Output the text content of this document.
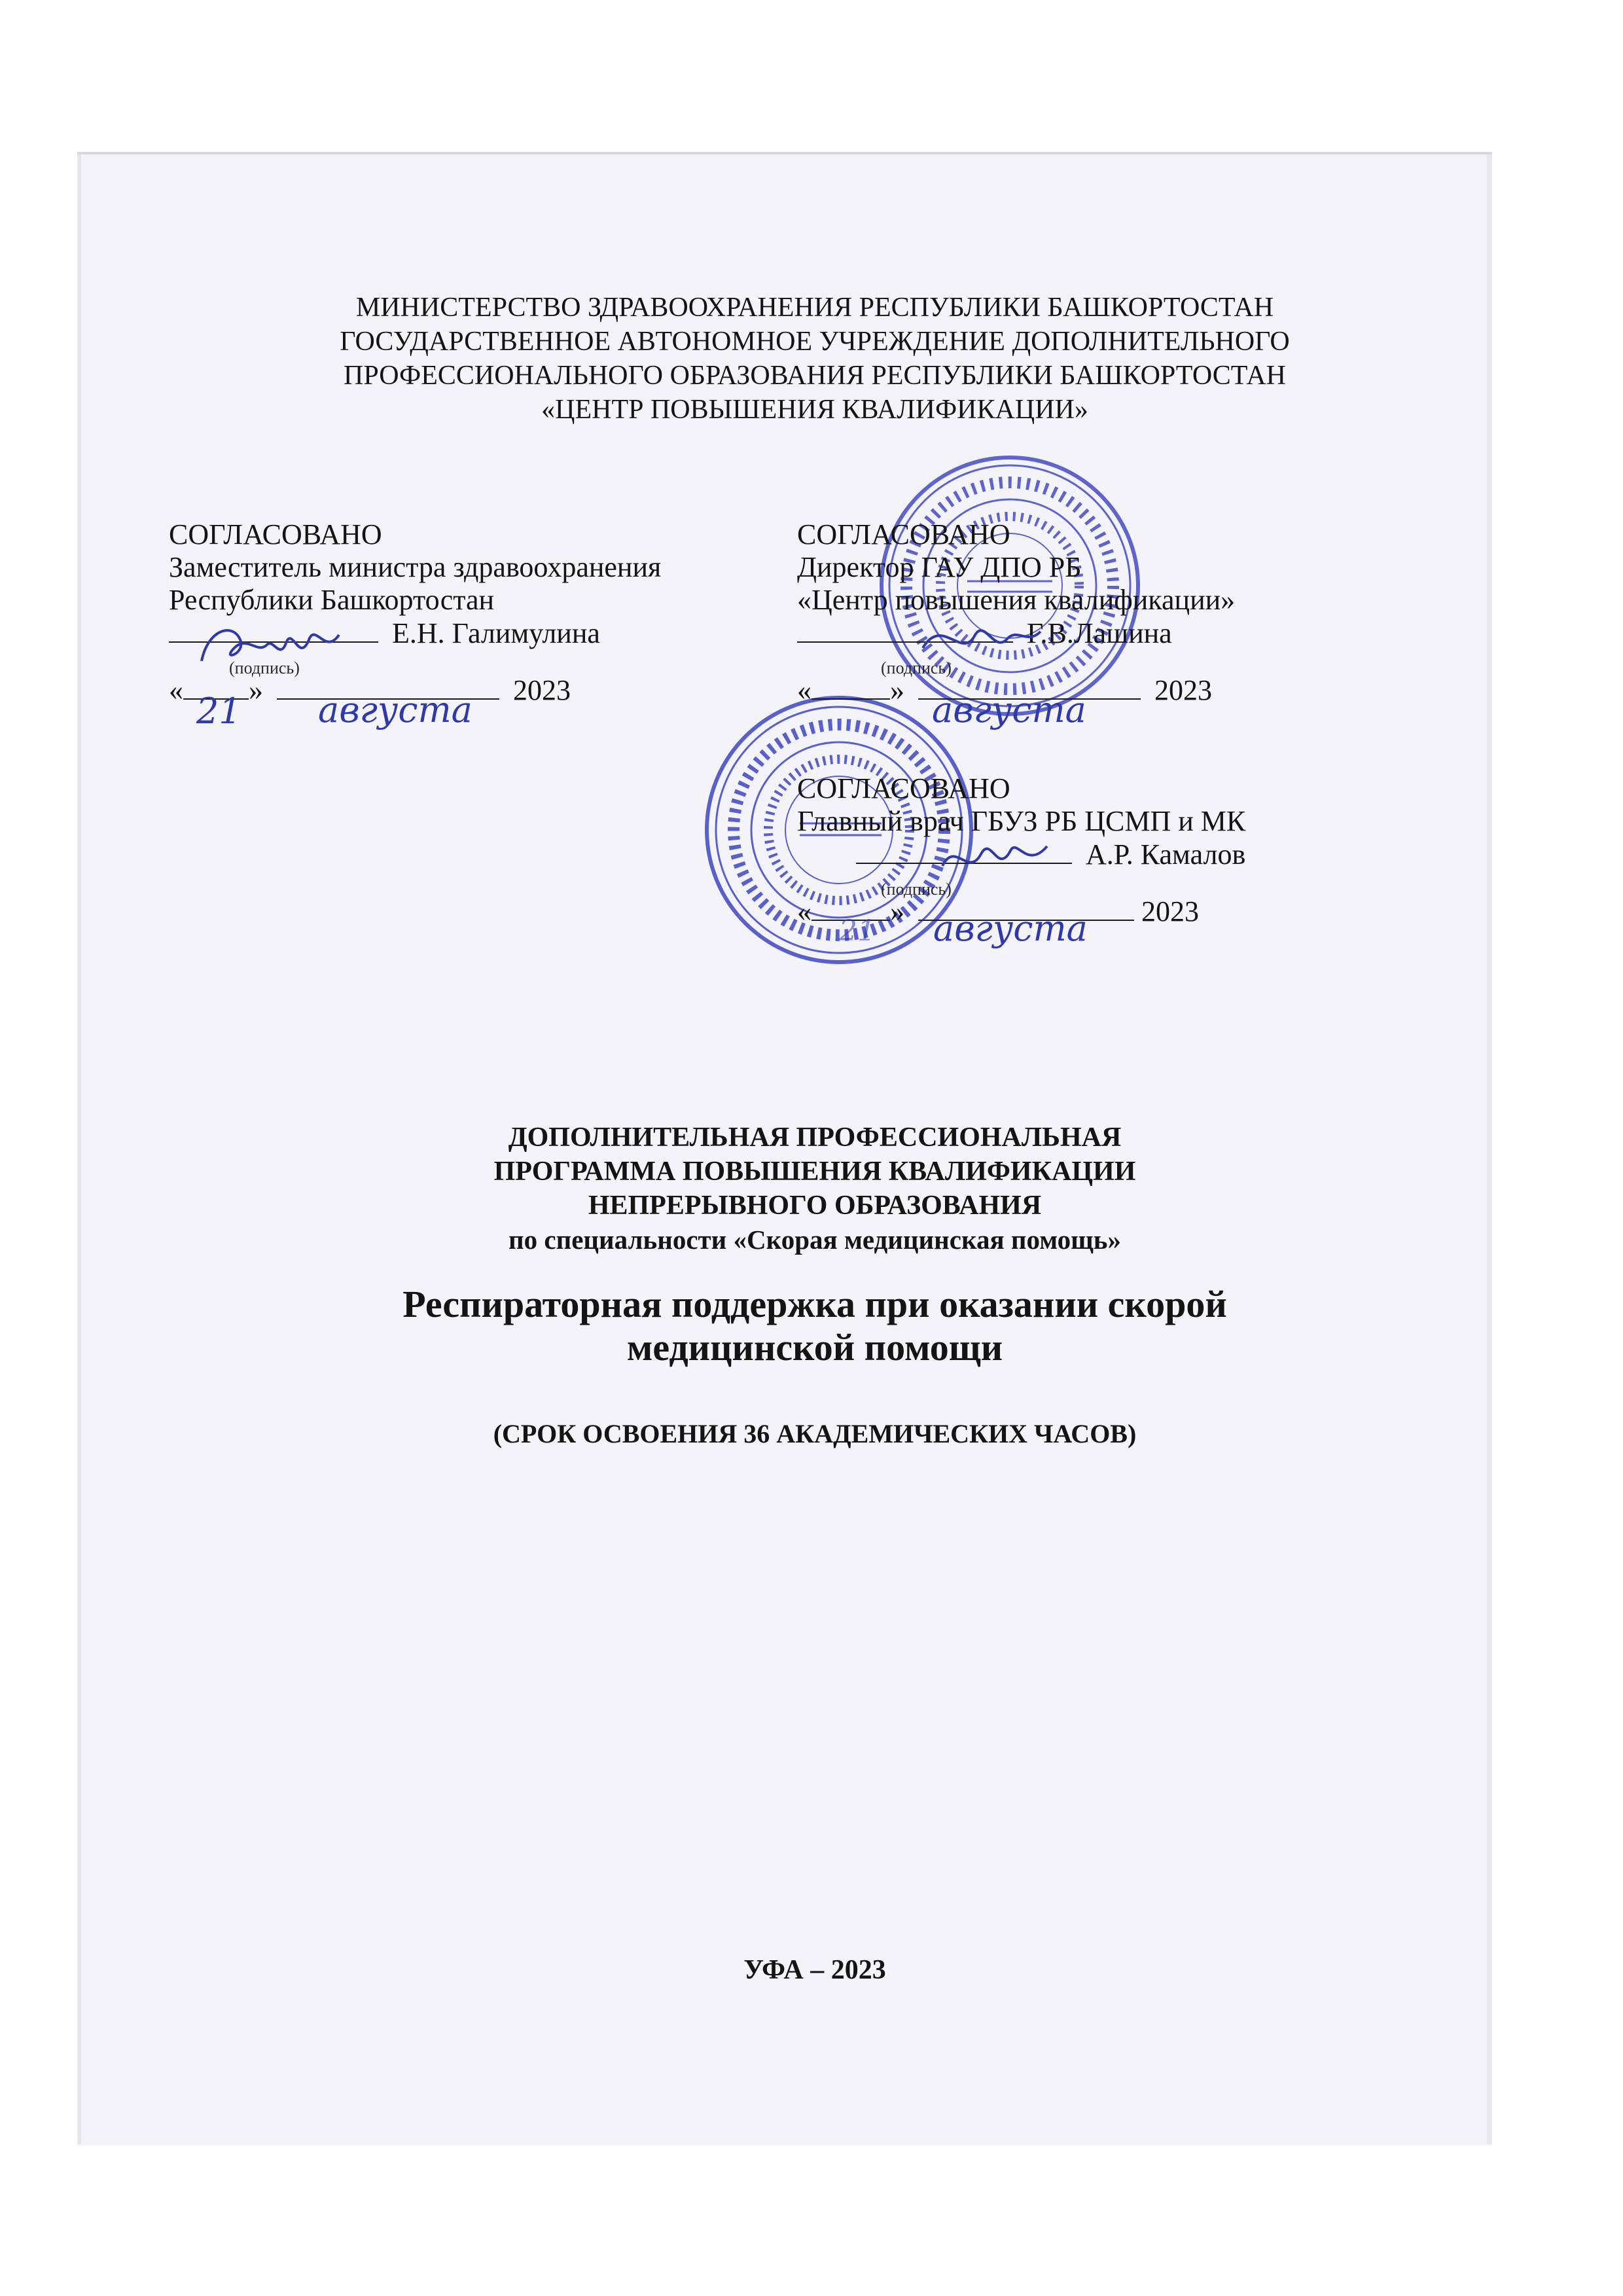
МИНИСТЕРСТВО ЗДРАВООХРАНЕНИЯ РЕСПУБЛИКИ БАШКОРТОСТАН
ГОСУДАРСТВЕННОЕ АВТОНОМНОЕ УЧРЕЖДЕНИЕ ДОПОЛНИТЕЛЬНОГО
ПРОФЕССИОНАЛЬНОГО ОБРАЗОВАНИЯ РЕСПУБЛИКИ БАШКОРТОСТАН
«ЦЕНТР ПОВЫШЕНИЯ КВАЛИФИКАЦИИ»
СОГЛАСОВАНО
Заместитель министра здравоохранения
Республики Башкортостан
Е.Н. Галимулина
(подпись)
« »	2023
21 августа
СОГЛАСОВАНО
Директор ГАУ ДПО РБ
«Центр повышения квалификации»
Г.В.Лашина
(подпись)
«	»	2023
августа
СОГЛАСОВАНО
Главный врач ГБУЗ РБ ЦСМП и МК
А.Р. Камалов
(подпись)
«	»	2023
21 августа
ДОПОЛНИТЕЛЬНАЯ ПРОФЕССИОНАЛЬНАЯ
ПРОГРАММА ПОВЫШЕНИЯ КВАЛИФИКАЦИИ
НЕПРЕРЫВНОГО ОБРАЗОВАНИЯ
по специальности «Скорая медицинская помощь»
Респираторная поддержка при оказании скорой
медицинской помощи
(СРОК ОСВОЕНИЯ 36 АКАДЕМИЧЕСКИХ ЧАСОВ)
УФА – 2023
